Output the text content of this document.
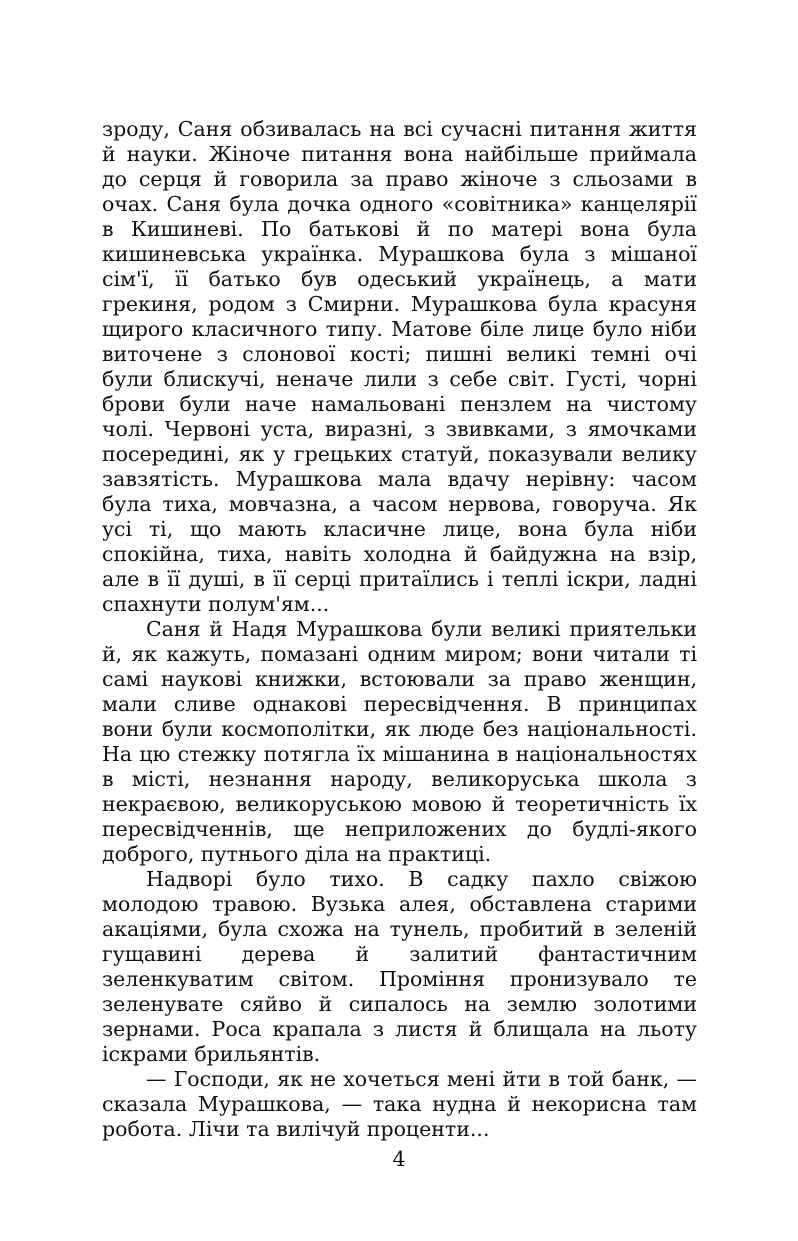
зроду, Саня обзивалась на всі сучасні питання життя й науки. Жіноче питання вона найбільше приймала до серця й говорила за право жіноче з сльозами в очах. Саня була дочка одного «совітника» канцелярії в Кишиневі. По батькові й по матері вона була кишиневська українка. Мурашкова була з мішаної сім'ї, її батько був одеський українець, а мати грекиня, родом з Смирни. Мурашкова була красуня щирого класичного типу. Матове біле лице було ніби виточене з слонової кості; пишні великі темні очі були блискучі, неначе лили з себе світ. Густі, чорні брови були наче намальовані пензлем на чистому чолі. Червоні уста, виразні, з звивками, з ямочками посередині, як у грецьких статуй, показували велику завзятість. Мурашкова мала вдачу нерівну: часом була тиха, мовчазна, а часом нервова, говоруча. Як усі ті, що мають класичне лице, вона була ніби спокійна, тиха, навіть холодна й байдужна на взір, але в її душі, в її серці притаїлись і теплі іскри, ладні спахнути полум'ям...

Саня й Надя Мурашкова були великі приятельки й, як кажуть, помазані одним миром; вони читали ті самі наукові книжки, встоювали за право женщин, мали сливе однакові пересвідчення. В принципах вони були космополітки, як люде без національності. На цю стежку потягла їх мішанина в національностях в місті, незнання народу, великоруська школа з некраєвою, великоруською мовою й теоретичність їх пересвідченнів, ще неприложених до будлі-якого доброго, путнього діла на практиці.

Надворі було тихо. В садку пахло свіжою молодою травою. Вузька алея, обставлена старими акаціями, була схожа на тунель, пробитий в зеленій гущавині дерева й залитий фантастичним зеленкуватим світом. Проміння пронизувало те зеленувате сяйво й сипалось на землю золотими зернами. Роса крапала з листя й блищала на льоту іскрами брильянтів.

— Господи, як не хочеться мені йти в той банк, — сказала Мурашкова, — така нудна й некорисна там робота. Лічи та вилічуй проценти...

4
